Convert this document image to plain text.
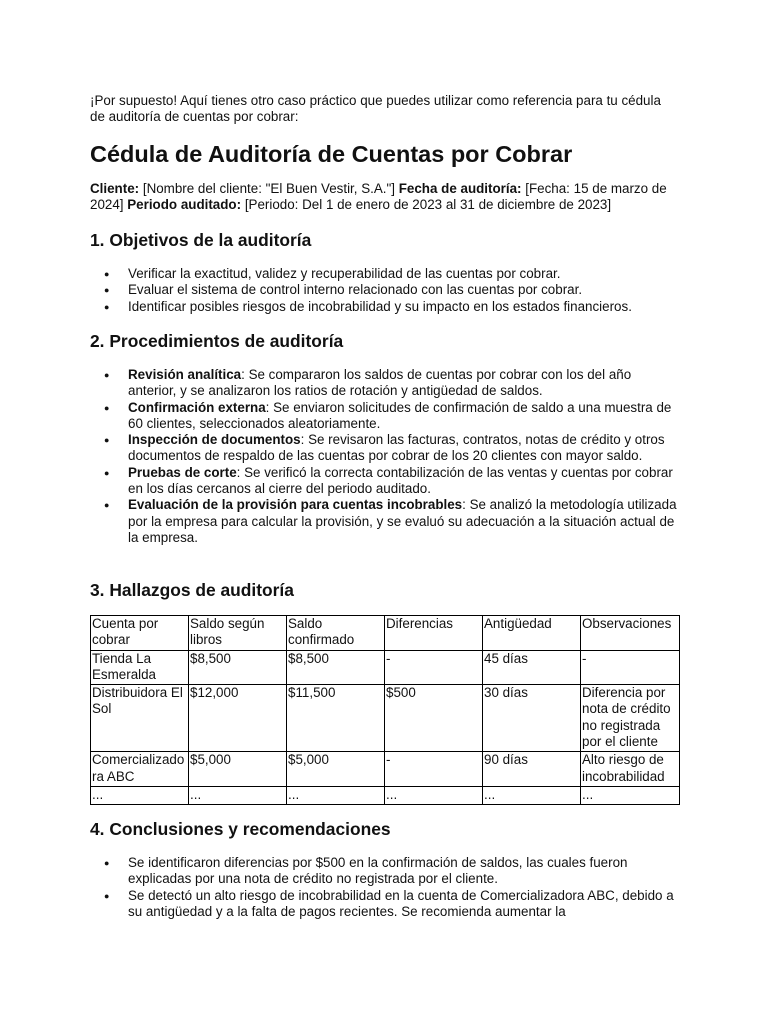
¡Por supuesto! Aquí tienes otro caso práctico que puedes utilizar como referencia para tu cédula de auditoría de cuentas por cobrar:

Cédula de Auditoría de Cuentas por Cobrar

Cliente: [Nombre del cliente: "El Buen Vestir, S.A."] Fecha de auditoría: [Fecha: 15 de marzo de 2024] Periodo auditado: [Periodo: Del 1 de enero de 2023 al 31 de diciembre de 2023]

1. Objetivos de la auditoría
● Verificar la exactitud, validez y recuperabilidad de las cuentas por cobrar.
● Evaluar el sistema de control interno relacionado con las cuentas por cobrar.
● Identificar posibles riesgos de incobrabilidad y su impacto en los estados financieros.
2. Procedimientos de auditoría
● Revisión analítica: Se compararon los saldos de cuentas por cobrar con los del año anterior, y se analizaron los ratios de rotación y antigüedad de saldos.
● Confirmación externa: Se enviaron solicitudes de confirmación de saldo a una muestra de 60 clientes, seleccionados aleatoriamente.
● Inspección de documentos: Se revisaron las facturas, contratos, notas de crédito y otros documentos de respaldo de las cuentas por cobrar de los 20 clientes con mayor saldo.
● Pruebas de corte: Se verificó la correcta contabilización de las ventas y cuentas por cobrar en los días cercanos al cierre del periodo auditado.
● Evaluación de la provisión para cuentas incobrables: Se analizó la metodología utilizada por la empresa para calcular la provisión, y se evaluó su adecuación a la situación actual de la empresa.
3. Hallazgos de auditoría
Cuenta por cobrar	Saldo según libros	Saldo confirmado	Diferencias	Antigüedad	Observaciones
Tienda La Esmeralda	$8,500	$8,500	-	45 días	-
Distribuidora El Sol	$12,000	$11,500	$500	30 días	Diferencia por nota de crédito no registrada por el cliente
Comercializadora ABC	$5,000	$5,000	-	90 días	Alto riesgo de incobrabilidad
...	...	...	...	...	...
4. Conclusiones y recomendaciones
● Se identificaron diferencias por $500 en la confirmación de saldos, las cuales fueron explicadas por una nota de crédito no registrada por el cliente.
● Se detectó un alto riesgo de incobrabilidad en la cuenta de Comercializadora ABC, debido a su antigüedad y a la falta de pagos recientes. Se recomienda aumentar la
